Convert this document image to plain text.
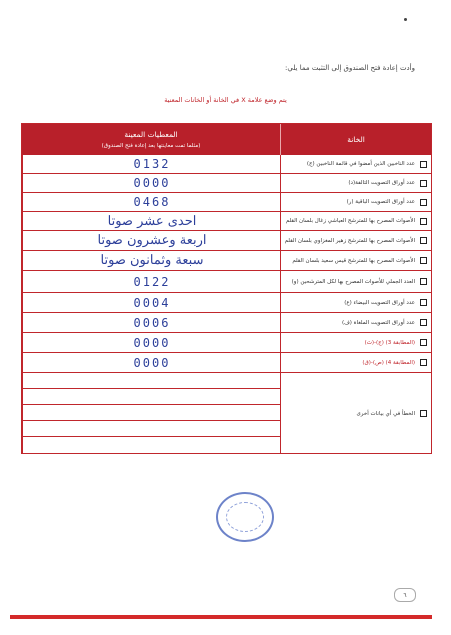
وأدت إعادة فتح الصندوق إلى التثبت مما يلي:
يتم وضع علامة X في الخانة أو الخانات المعنية
الخانة
المعطيات المعينة
(مثلما تمت معاينتها بعد إعادة فتح الصندوق)
عدد الناخبين الذين أمضوا في قائمة الناخبين (ج)
0132
عدد أوراق التصويت التالفة(د)
0000
عدد أوراق التصويت الباقية (ر)
0468
الأصوات المصرح بها للمترشح العياشي زغال بلسان القلم
احدى عشر صوتا
الأصوات المصرح بها للمترشح زهير المغزاوي بلسان القلم
اربعة وعشرون صوتا
الأصوات المصرح بها للمترشح قيس سعيد بلسان القلم
سبعة وثمانون صوتا
العدد الجملي للأصوات المصرح بها لكل المترشحين (و)
0122
عدد أوراق التصويت البيضاء (ع)
0004
عدد أوراق التصويت الملغاة (ف)
0006
(المطابقة 3) (ج)-(ث)
0000
(المطابقة 4) (ص)-(ق)
0000
الخطأ في أي بيانات أخرى
٦
